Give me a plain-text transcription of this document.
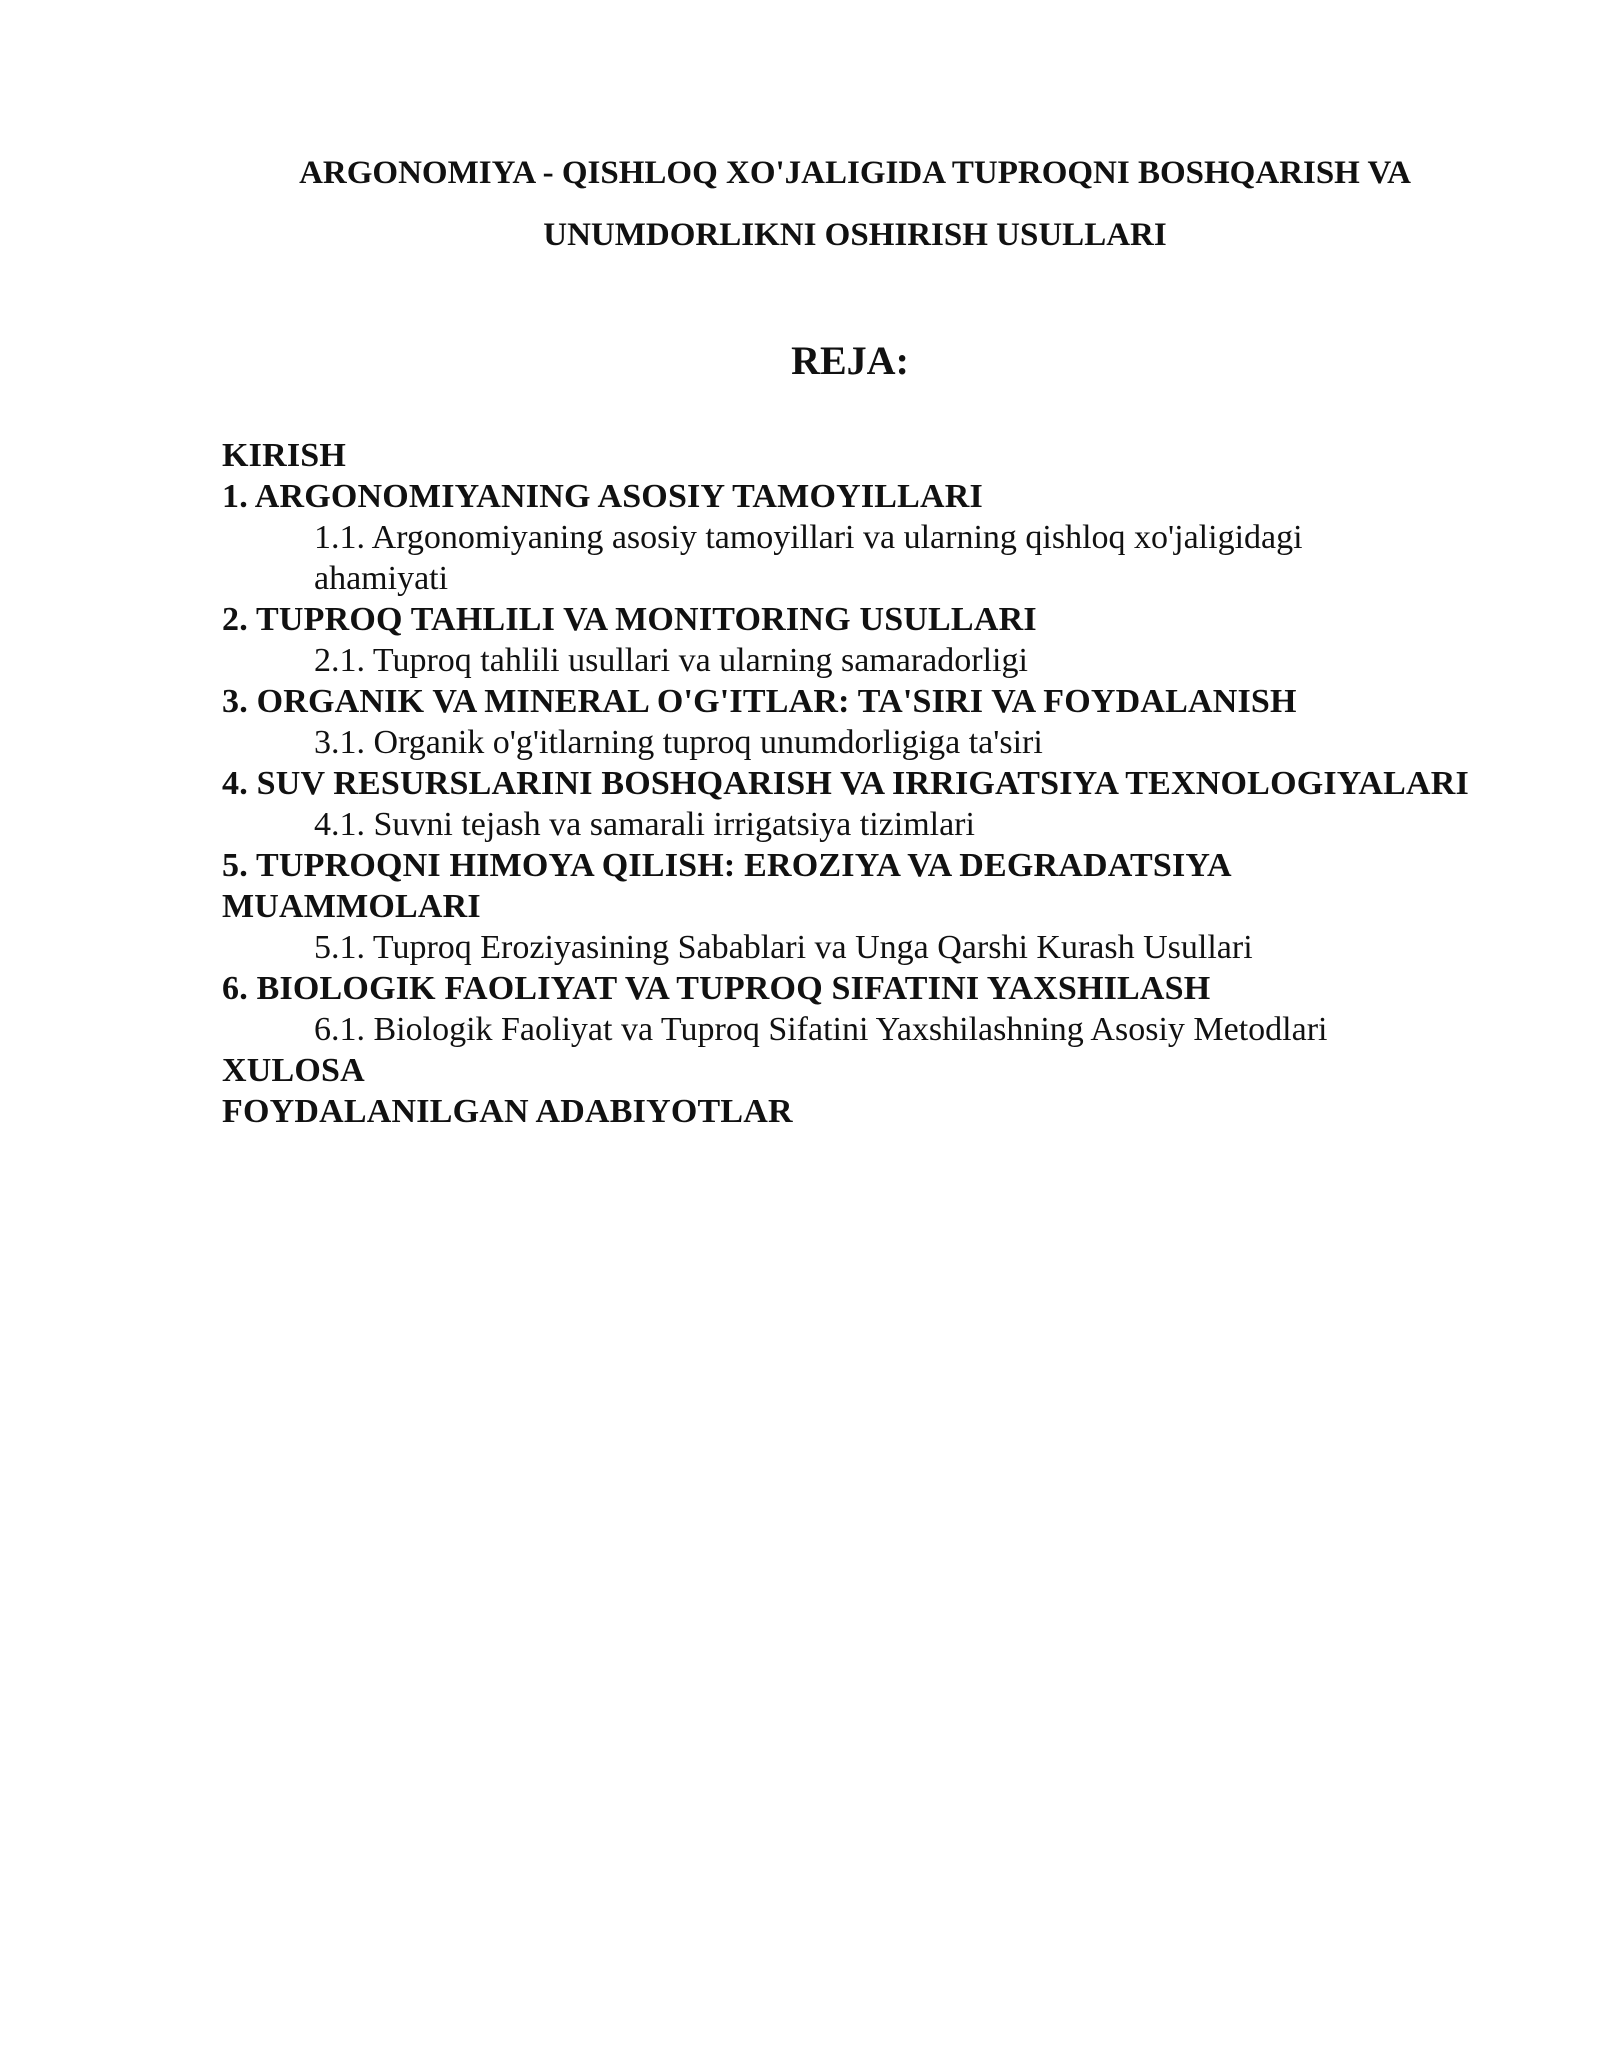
ARGONOMIYA - QISHLOQ XO'JALIGIDA TUPROQNI BOSHQARISH VA
UNUMDORLIKNI OSHIRISH USULLARI
REJA:
KIRISH
1. ARGONOMIYANING ASOSIY TAMOYILLARI
1.1. Argonomiyaning asosiy tamoyillari va ularning qishloq xo'jaligidagi ahamiyati
2. TUPROQ TAHLILI VA MONITORING USULLARI
2.1. Tuproq tahlili usullari va ularning samaradorligi
3. ORGANIK VA MINERAL O'G'ITLAR: TA'SIRI VA FOYDALANISH
3.1. Organik o'g'itlarning tuproq unumdorligiga ta'siri
4. SUV RESURSLARINI BOSHQARISH VA IRRIGATSIYA TEXNOLOGIYALARI
4.1. Suvni tejash va samarali irrigatsiya tizimlari
5. TUPROQNI HIMOYA QILISH: EROZIYA VA DEGRADATSIYA MUAMMOLARI
5.1. Tuproq Eroziyasining Sabablari va Unga Qarshi Kurash Usullari
6. BIOLOGIK FAOLIYAT VA TUPROQ SIFATINI YAXSHILASH
6.1. Biologik Faoliyat va Tuproq Sifatini Yaxshilashning Asosiy Metodlari
XULOSA
FOYDALANILGAN ADABIYOTLAR
